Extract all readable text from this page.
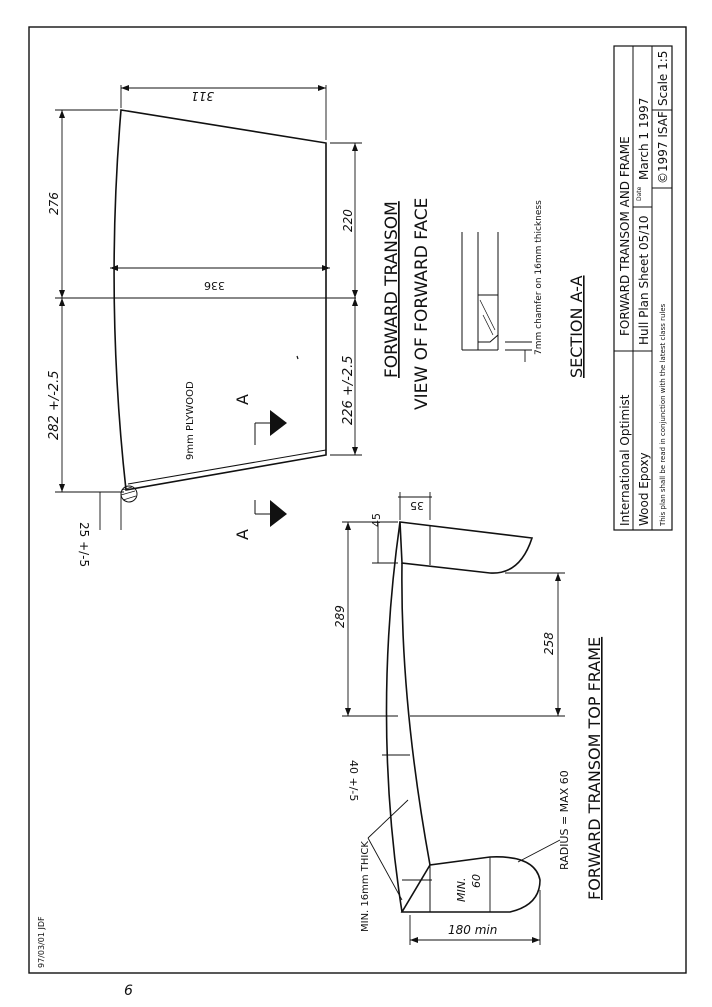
6
97/03/01 JDF
A
A
311
336
220
226 +/-2.5
276
282 +/-2.5
25 +/-5
9mm PLYWOOD
FORWARD TRANSOM VIEW OF FORWARD FACE	7mm chamfer on 16mm thickness SECTION A-A
35
45
289
258
40 +/-5
180 min
MIN. 60
MIN. 16mm THICK
RADIUS = MAX 60 FORWARD TRANSOM TOP FRAME
International Optimist
FORWARD TRANSOM AND FRAME
Wood Epoxy
Hull Plan Sheet 05/10
Date
March 1 1997
This plan shall be read in conjunction with the latest class rules
©1997 ISAF
Scale 1:5
